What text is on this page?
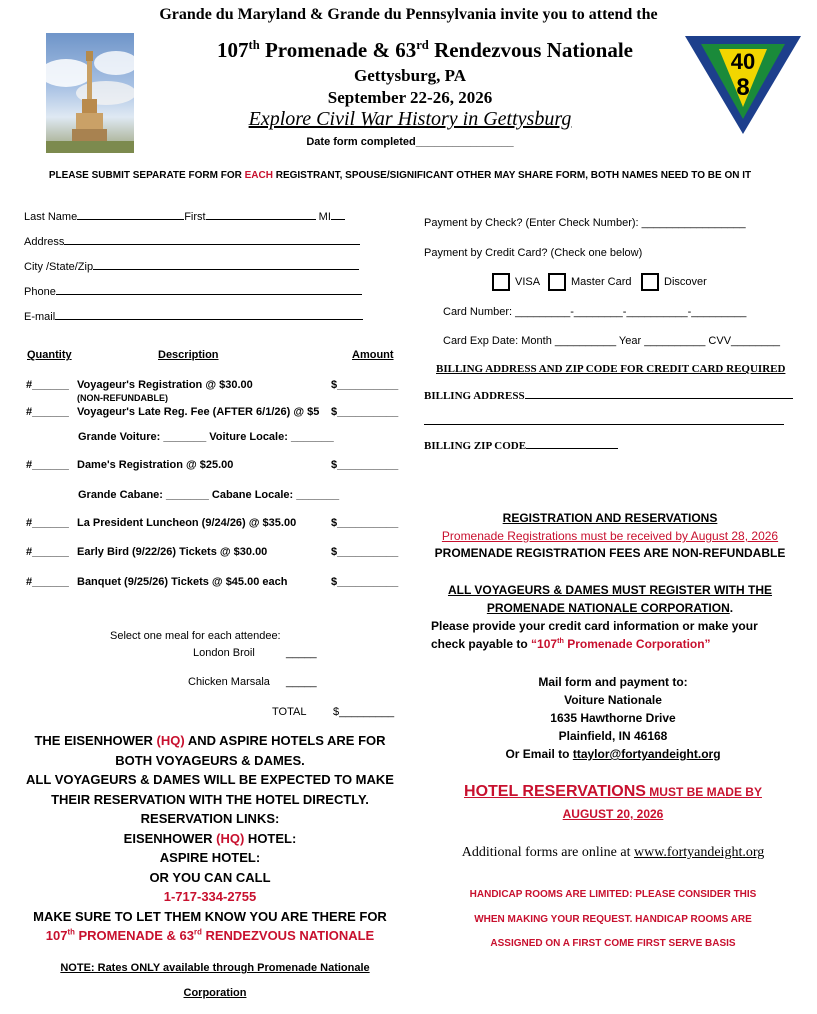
Grande du Maryland & Grande du Pennsylvania invite you to attend the
107th Promenade & 63rd Rendezvous Nationale
Gettysburg, PA
September 22-26, 2026
Explore Civil War History in Gettysburg
Date form completed________________
40
8
PLEASE SUBMIT SEPARATE FORM FOR EACH REGISTRANT, SPOUSE/SIGNIFICANT OTHER MAY SHARE FORM, BOTH NAMES NEED TO BE ON IT
Last Name	First	MI
Address
City /State/Zip
Phone
E-mail
Quantity	Description	Amount
#______ Voyageur's Registration @ $30.00	$__________
(NON-REFUNDABLE)
#______ Voyageur's Late Reg. Fee (AFTER 6/1/26) @ $5 $__________
Grande Voiture: _______ Voiture Locale: _______
#______ Dame's Registration @ $25.00	$__________
Grande Cabane: _______ Cabane Locale: _______
#______ La President Luncheon (9/24/26) @ $35.00	$__________
#______ Early Bird (9/22/26) Tickets @ $30.00	$__________
#______ Banquet (9/25/26) Tickets @ $45.00 each	$__________
Select one meal for each attendee:
London Broil	_____
Chicken Marsala _____
TOTAL $_________
THE EISENHOWER (HQ) AND ASPIRE HOTELS ARE FOR
BOTH VOYAGEURS & DAMES.
ALL VOYAGEURS & DAMES WILL BE EXPECTED TO MAKE
THEIR RESERVATION WITH THE HOTEL DIRECTLY.
RESERVATION LINKS:
EISENHOWER (HQ) HOTEL:
ASPIRE HOTEL:
OR YOU CAN CALL
1-717-334-2755
MAKE SURE TO LET THEM KNOW YOU ARE THERE FOR
107th PROMENADE & 63rd RENDEZVOUS NATIONALE
NOTE: Rates ONLY available through Promenade Nationale
Corporation
Payment by Check? (Enter Check Number): _________________
Payment by Credit Card? (Check one below)
VISA	Master Card	Discover
Card Number: _________-________-__________-_________
Card Exp Date: Month __________ Year __________ CVV________
BILLING ADDRESS AND ZIP CODE FOR CREDIT CARD REQUIRED
BILLING ADDRESS
BILLING ZIP CODE
REGISTRATION AND RESERVATIONS
Promenade Registrations must be received by August 28, 2026
PROMENADE REGISTRATION FEES ARE NON-REFUNDABLE
ALL VOYAGEURS & DAMES MUST REGISTER WITH THE
PROMENADE NATIONALE CORPORATION.
Please provide your credit card information or make your
check payable to “107th Promenade Corporation”
Mail form and payment to:
Voiture Nationale
1635 Hawthorne Drive
Plainfield, IN 46168
Or Email to ttaylor@fortyandeight.org
HOTEL RESERVATIONS MUST BE MADE BY
AUGUST 20, 2026
Additional forms are online at www.fortyandeight.org
HANDICAP ROOMS ARE LIMITED: PLEASE CONSIDER THIS
WHEN MAKING YOUR REQUEST. HANDICAP ROOMS ARE
ASSIGNED ON A FIRST COME FIRST SERVE BASIS
